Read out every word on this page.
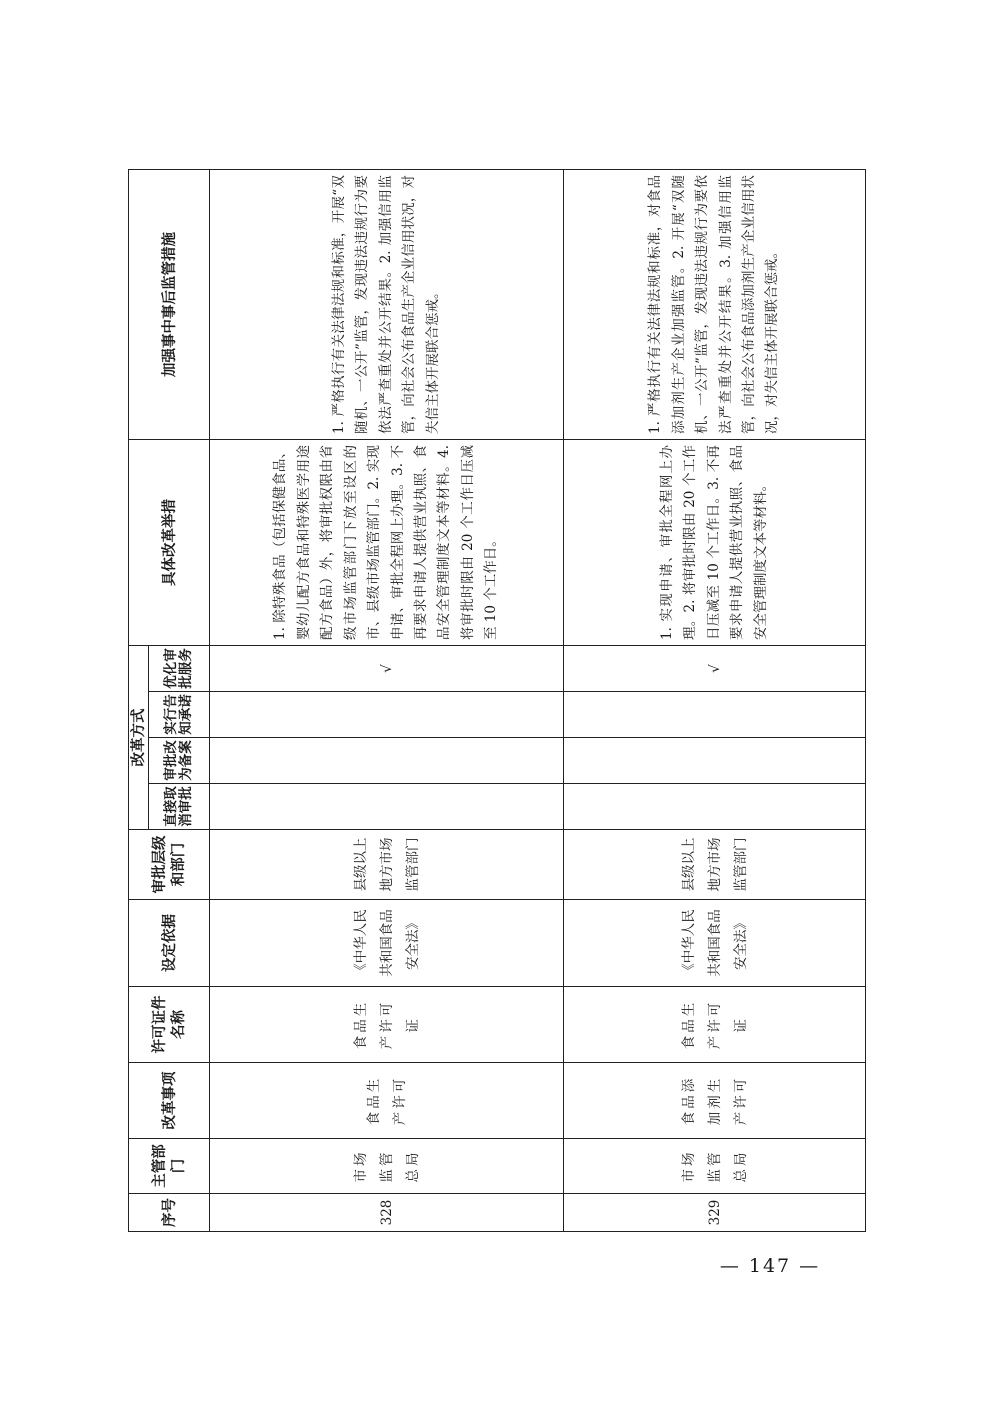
序号	主管部门	改革事项	许可证件名称	设定依据	审批层级和部门	改革方式				具体改革举措	加强事中事后监管措施
						直接取消审批	审批改为备案	实行告知承诺	优化审批服务		
328	市场监管总局	食品生产许可	食品生产许可证	《中华人民共和国食品安全法》	县级以上地方市场监管部门				√	1. 除特殊食品（包括保健食品、婴幼儿配方食品和特殊医学用途配方食品）外，将审批权限由省级市场监管部门下放至设区的市、县级市场监管部门。2. 实现申请、审批全程网上办理。3. 不再要求申请人提供营业执照、食品安全管理制度文本等材料。4. 将审批时限由 20 个工作日压减至 10 个工作日。	1. 严格执行有关法律法规和标准，开展“双随机、一公开”监管，发现违法违规行为要依法严查重处并公开结果。2. 加强信用监管，向社会公布食品生产企业信用状况，对失信主体开展联合惩戒。
329	市场监管总局	食品添加剂生产许可	食品生产许可证	《中华人民共和国食品安全法》	县级以上地方市场监管部门				√	1. 实现申请、审批全程网上办理。2. 将审批时限由 20 个工作日压减至 10 个工作日。3. 不再要求申请人提供营业执照、食品安全管理制度文本等材料。	1. 严格执行有关法律法规和标准，对食品添加剂生产企业加强监管。2. 开展“双随机、一公开”监管，发现违法违规行为要依法严查重处并公开结果。3. 加强信用监管，向社会公布食品添加剂生产企业信用状况，对失信主体开展联合惩戒。
— 147 —
